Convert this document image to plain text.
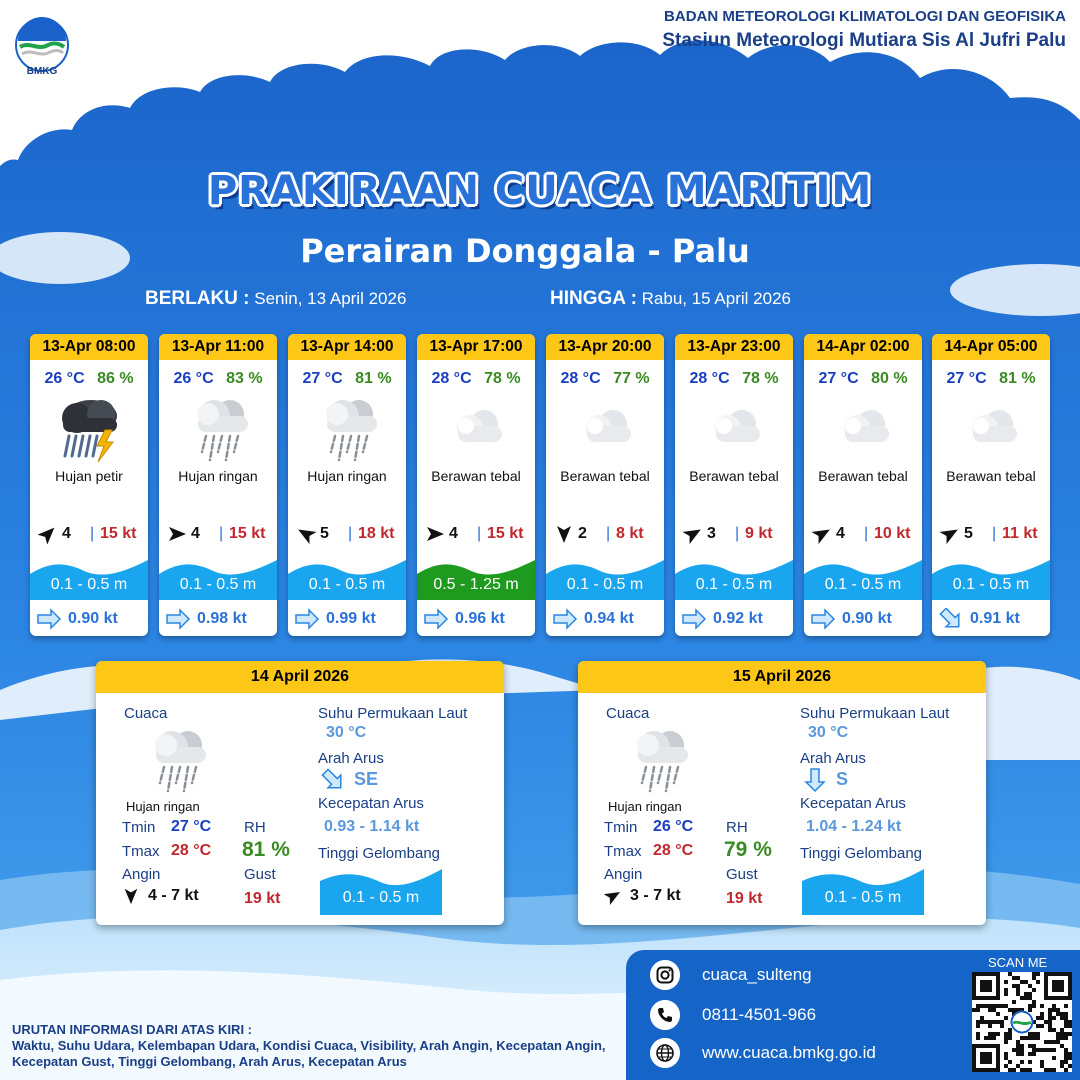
BMKG
BADAN METEOROLOGI KLIMATOLOGI DAN GEOFISIKA
Stasiun Meteorologi Mutiara Sis Al Jufri Palu
PRAKIRAAN CUACA MARITIM
Perairan Donggala - Palu
BERLAKU : Senin, 13 April 2026	HINGGA : Rabu, 15 April 2026
13-Apr 08:00
26 °C 86 %
Hujan petir
4 | 15 kt
0.1 - 0.5 m
0.90 kt
13-Apr 11:00
26 °C 83 %
Hujan ringan
4 | 15 kt
0.1 - 0.5 m
0.98 kt
13-Apr 14:00
27 °C 81 %
Hujan ringan
5 | 18 kt
0.1 - 0.5 m
0.99 kt
13-Apr 17:00
28 °C 78 %
Berawan tebal
4 | 15 kt
0.5 - 1.25 m
0.96 kt
13-Apr 20:00
28 °C 77 %
Berawan tebal
2 | 8 kt
0.1 - 0.5 m
0.94 kt
13-Apr 23:00
28 °C 78 %
Berawan tebal
3 | 9 kt
0.1 - 0.5 m
0.92 kt
14-Apr 02:00
27 °C 80 %
Berawan tebal
4 | 10 kt
0.1 - 0.5 m
0.90 kt
14-Apr 05:00
27 °C 81 %
Berawan tebal
5 | 11 kt
0.1 - 0.5 m
0.91 kt
14 April 2026
Cuaca
Hujan ringan
Tmin 27 °C
Tmax 28 °C
Angin
4 - 7 kt
RH
81 %
Gust
19 kt
Suhu Permukaan Laut
30 °C
Arah Arus
SE
Kecepatan Arus
0.93 - 1.14 kt
Tinggi Gelombang
0.1 - 0.5 m
15 April 2026
Cuaca
Hujan ringan
Tmin 26 °C
Tmax 28 °C
Angin
3 - 7 kt
RH
79 %
Gust
19 kt
Suhu Permukaan Laut
30 °C
Arah Arus
S
Kecepatan Arus
1.04 - 1.24 kt
Tinggi Gelombang
0.1 - 0.5 m
URUTAN INFORMASI DARI ATAS KIRI :
Waktu, Suhu Udara, Kelembapan Udara, Kondisi Cuaca, Visibility, Arah Angin, Kecepatan Angin, Kecepatan Gust, Tinggi Gelombang, Arah Arus, Kecepatan Arus
cuaca_sulteng
0811-4501-966
www.cuaca.bmkg.go.id
SCAN ME
